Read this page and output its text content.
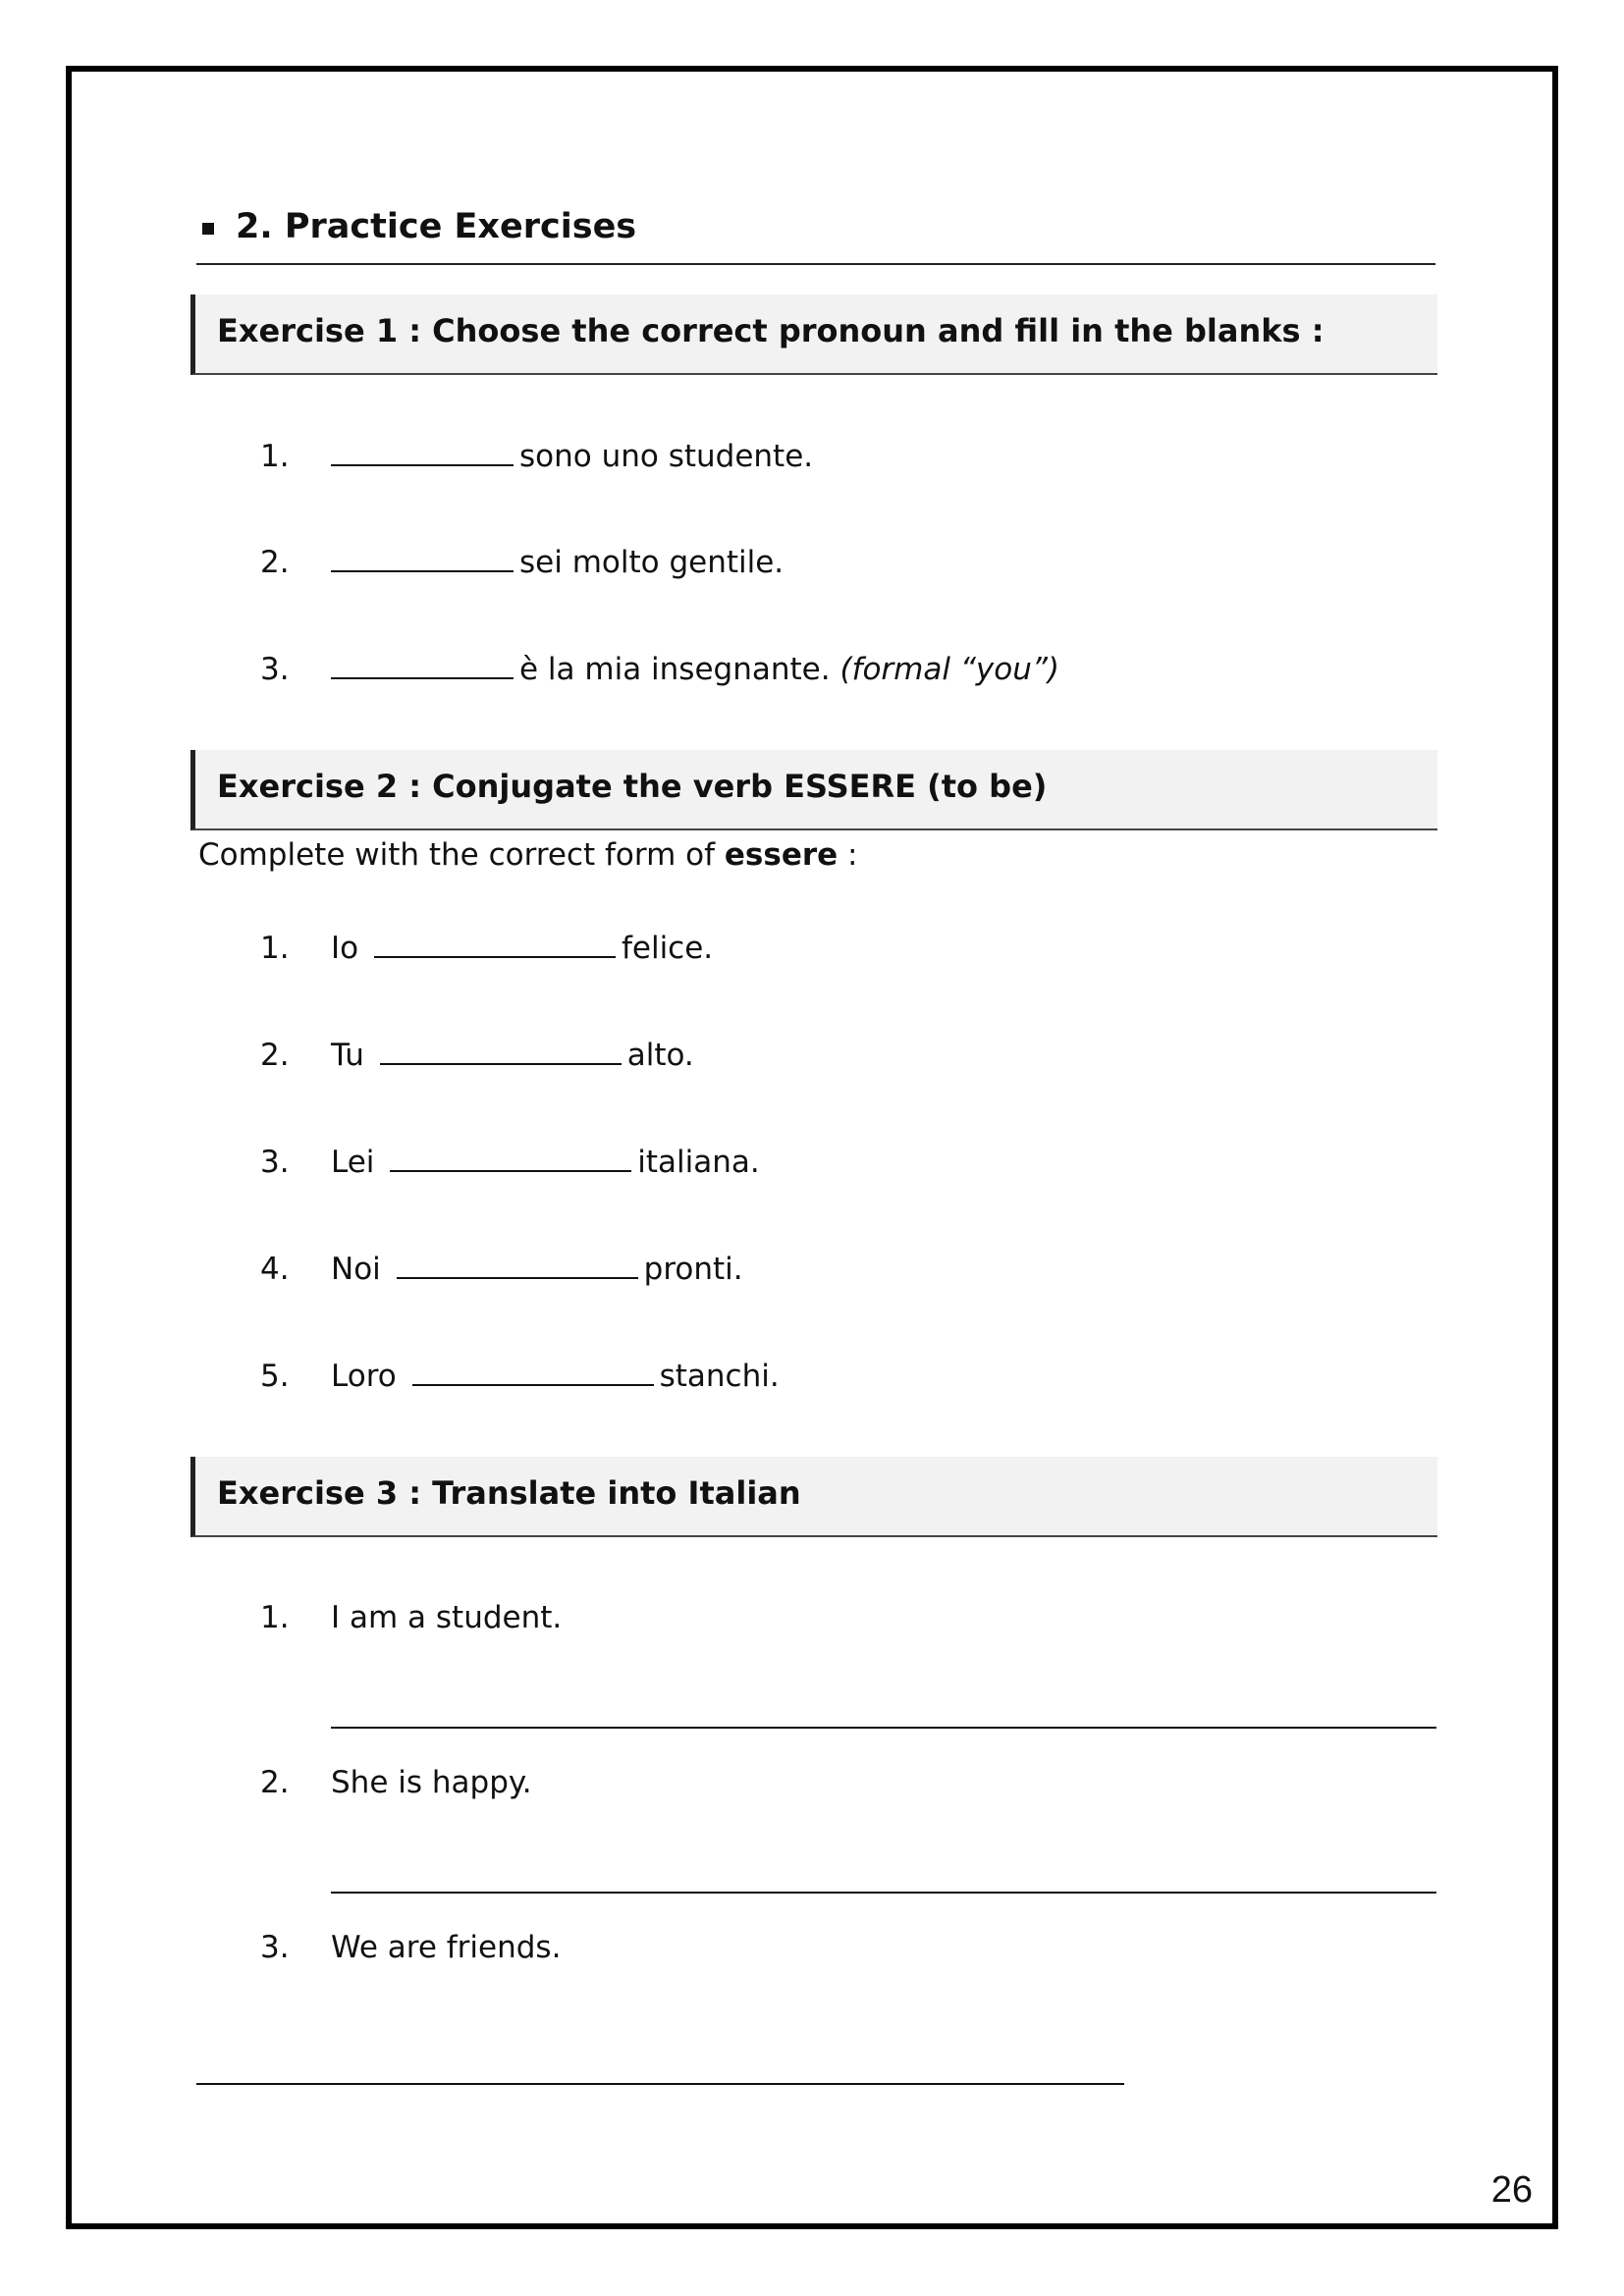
2. Practice Exercises
Exercise 1 : Choose the correct pronoun and fill in the blanks :
1.	sono uno studente.
2.	sei molto gentile.
3.	è la mia insegnante. (formal “you”)
Exercise 2 : Conjugate the verb ESSERE (to be)
Complete with the correct form of essere :
1. Io	felice.
2. Tu	alto.
3. Lei	italiana.
4. Noi	pronti.
5. Loro	stanchi.
Exercise 3 : Translate into Italian
1. I am a student.
2. She is happy.
3. We are friends.
26
